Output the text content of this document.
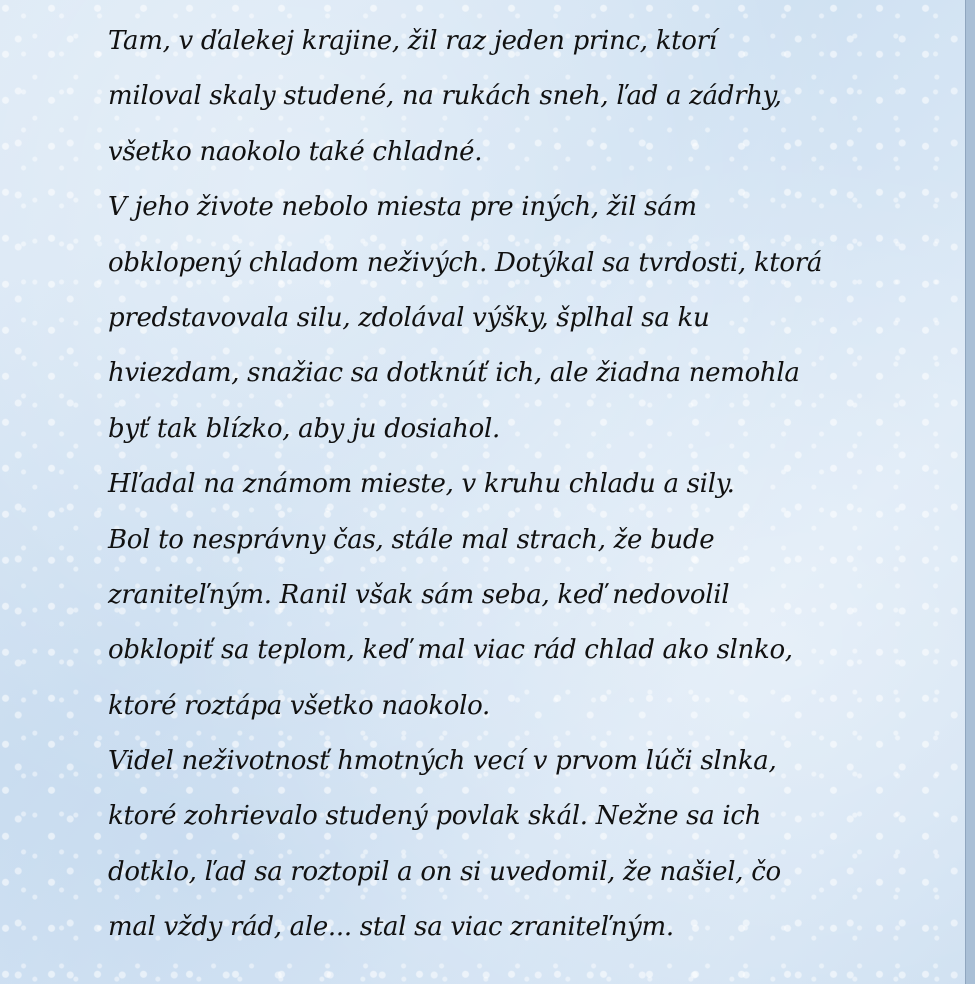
Tam, v ďalekej krajine, žil raz jeden princ, ktorí
miloval skaly studené, na rukách sneh, ľad a zádrhy,
všetko naokolo také chladné.
V jeho živote nebolo miesta pre iných, žil sám
obklopený chladom neživých. Dotýkal sa tvrdosti, ktorá
predstavovala silu, zdolával výšky, šplhal sa ku
hviezdam, snažiac sa dotknúť ich, ale žiadna nemohla
byť tak blízko, aby ju dosiahol.
Hľadal na známom mieste, v kruhu chladu a sily.
Bol to nesprávny čas, stále mal strach, že bude
zraniteľným. Ranil však sám seba, keď nedovolil
obklopiť sa teplom, keď mal viac rád chlad ako slnko,
ktoré roztápa všetko naokolo.
Videl neživotnosť hmotných vecí v prvom lúči slnka,
ktoré zohrievalo studený povlak skál. Nežne sa ich
dotklo, ľad sa roztopil a on si uvedomil, že našiel, čo
mal vždy rád, ale... stal sa viac zraniteľným.
